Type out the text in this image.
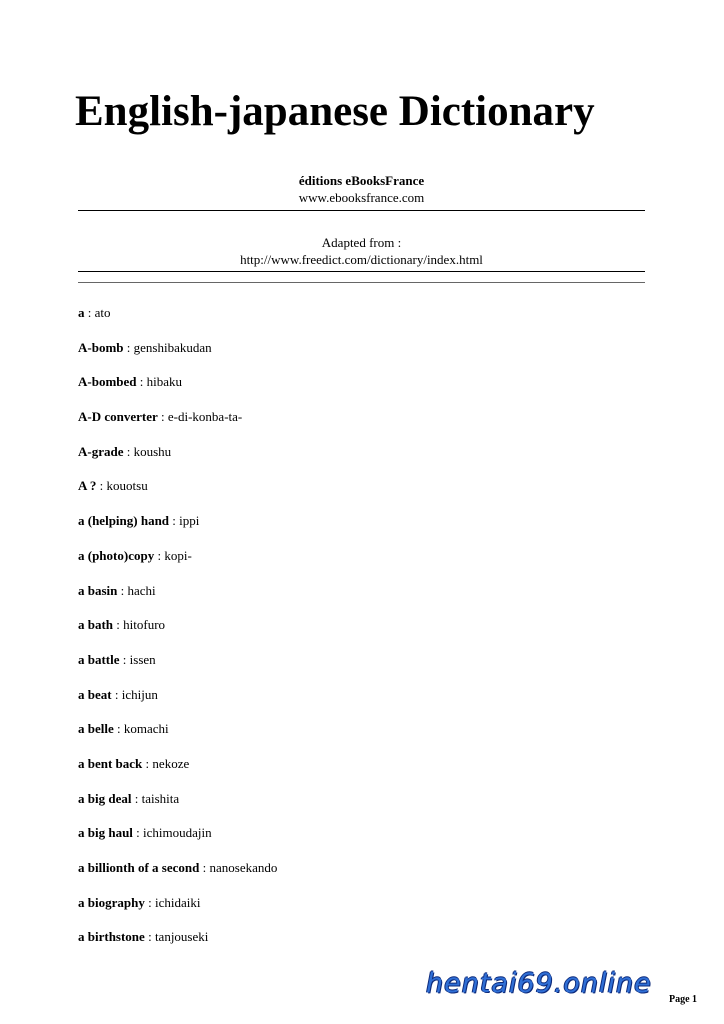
English-japanese Dictionary
éditions eBooksFrance
www.ebooksfrance.com
Adapted from :
http://www.freedict.com/dictionary/index.html
a : ato
A-bomb : genshibakudan
A-bombed : hibaku
A-D converter : e-di-konba-ta-
A-grade : koushu
A ? : kouotsu
a (helping) hand : ippi
a (photo)copy : kopi-
a basin : hachi
a bath : hitofuro
a battle : issen
a beat : ichijun
a belle : komachi
a bent back : nekoze
a big deal : taishita
a big haul : ichimoudajin
a billionth of a second : nanosekando
a biography : ichidaiki
a birthstone : tanjouseki
hentai69.online
Page 1
